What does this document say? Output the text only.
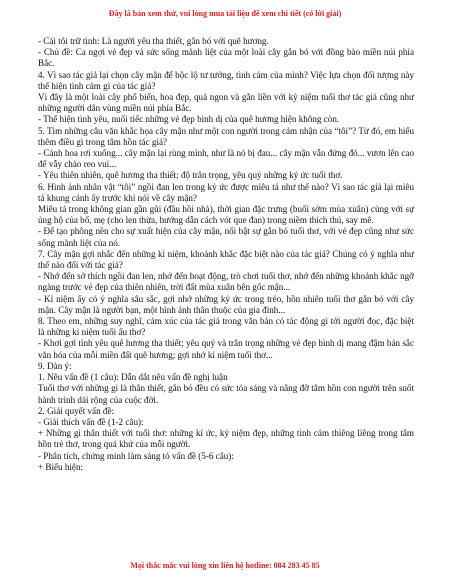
Đây là bản xem thử, vui lòng mua tài liệu để xem chi tiết (có lời giải)

- Cái tôi trữ tình: Là người yêu tha thiết, gắn bó với quê hương.

- Chủ đề: Ca ngợi vẻ đẹp và sức sống mãnh liệt của một loài cây gắn bó với đồng bào miền núi phía Bắc.

4. Vì sao tác giả lại chọn cây mận để bộc lộ tư tưởng, tình cảm của mình? Việc lựa chọn đối tượng này thể hiện tình cảm gì của tác giả?

Vì đây là một loài cây phổ biến, hoa đẹp, quả ngon và gắn liền với kỷ niệm tuổi thơ tác giả cũng như những người dân vùng miền núi phía Bắc.

- Thể hiện tình yêu, nuối tiếc những vẻ đẹp bình dị của quê hương hiện không còn.

5. Tìm những câu văn khắc họa cây mận như một con người trong cảm nhận của “tôi”? Từ đó, em hiểu thêm điều gì trong tâm hồn tác giả?

- Cánh hoa rơi xuống... cây mận lại rùng mình, như là nó bị đau... cây mận vẫn đứng đó... vươn lên cao để vẫy chào reo vui...

- Yêu thiên nhiên, quê hương tha thiết; độ trân trọng, yêu quý những kỷ ức tuổi thơ.

6. Hình ảnh nhân vật “tôi” ngồi đan len trong kỷ ức được miêu tả như thế nào? Vì sao tác giả lại miêu tả khung cảnh ấy trước khi nói về cây mận?

Miêu tả trong không gian gần gũi (đầu hồi nhà), thời gian đặc trưng (buổi sớm mùa xuân) cùng với sự ủng hộ của bố, mẹ (cho len thừa, hướng dẫn cách vót que đan) trong niềm thích thú, say mê.

- Để tạo phông nền cho sự xuất hiện của cây mận, nối bật sự gắn bó tuổi thơ, với vẻ đẹp cũng như sức sống mãnh liệt của nó.

7. Cây mận gợi nhắc đến những kỉ niệm, khoảnh khắc đặc biệt nào của tác giả? Chúng có ý nghĩa như thế nào đối với tác giả?

- Nhớ đến sở thích ngồi đan len, nhớ đến hoạt động, trò chơi tuổi thơ, nhớ đến những khoảnh khắc ngỡ ngàng trước vẻ đẹp của thiên nhiên, trời đất mùa xuân bên gốc mận...

- Kỉ niệm ấy có ý nghĩa sâu sắc, gợi nhớ những kỷ ức trong trẻo, hồn nhiên tuổi thơ gắn bó với cây mận. Cây mận là người bạn, một hình ảnh thân thuộc của gia đình...

8. Theo em, những suy nghĩ, cảm xúc của tác giả trong văn bản có tác động gì tới người đọc, đặc biệt là những kỉ niệm tuổi ấu thơ?

- Khơi gợi tình yêu quê hương tha thiết; yêu quý và trân trọng những vẻ đẹp bình dị mang đậm bản sắc văn hóa của mỗi miền đất quê hương; gợi nhớ kỉ niệm tuổi thơ...

9. Dàn ý:

1. Nêu vấn đề (1 câu): Dẫn dắt nêu vấn đề nghị luận

Tuổi thơ với những gì là thân thiết, gắn bó đều có sức tỏa sáng và nâng đỡ tâm hồn con người trên suốt hành trình dài rộng của cuộc đời.

2. Giải quyết vấn đề:

- Giải thích vấn đề (1-2 câu):

+ Những gì thân thiết với tuổi thơ: những kí ức, kỷ niệm đẹp, những tình cảm thiêng liêng trong tâm hồn trẻ thơ, trong quá khứ của mỗi người.

- Phân tích, chứng minh làm sáng tỏ vấn đề (5-6 câu):

+ Biểu hiện:

Mọi thắc mắc vui lòng xin liên hệ hotline: 084 283 45 85
